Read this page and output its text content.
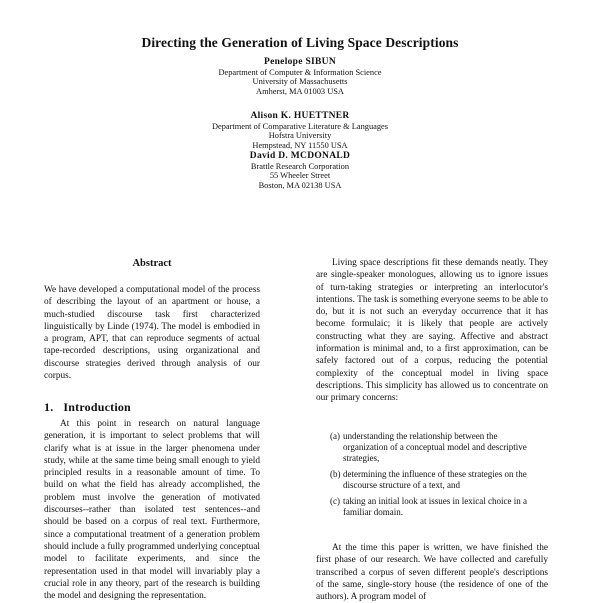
Directing the Generation of Living Space Descriptions
Penelope SIBUN
Department of Computer & Information Science
University of Massachusetts
Amherst, MA 01003 USA
Alison K. HUETTNER
Department of Comparative Literature & Languages
Hofstra University
Hempstead, NY 11550 USA
David D. MCDONALD
Brattle Research Corporation
55 Wheeler Street
Boston, MA 02138 USA
Abstract
We have developed a computational model of the process of describing the layout of an apartment or house, a much-studied discourse task first characterized linguistically by Linde (1974). The model is embodied in a program, APT, that can reproduce segments of actual tape-recorded descriptions, using organizational and discourse strategies derived through analysis of our corpus.
1. Introduction
At this point in research on natural language generation, it is important to select problems that will clarify what is at issue in the larger phenomena under study, while at the same time being small enough to yield principled results in a reasonable amount of time. To build on what the field has already accomplished, the problem must involve the generation of motivated discourses--rather than isolated test sentences--and should be based on a corpus of real text. Furthermore, since a computational treatment of a generation problem should include a fully programmed underlying conceptual model to facilitate experiments, and since the representation used in that model will invariably play a crucial role in any theory, part of the research is building the model and designing the representation.
Living space descriptions fit these demands neatly. They are single-speaker monologues, allowing us to ignore issues of turn-taking strategies or interpreting an interlocutor's intentions. The task is something everyone seems to be able to do, but it is not such an everyday occurrence that it has become formulaic; it is likely that people are actively constructing what they are saying. Affective and abstract information is minimal and, to a first approximation, can be safely factored out of a corpus, reducing the potential complexity of the conceptual model in living space descriptions. This simplicity has allowed us to concentrate on our primary concerns:
(a) understanding the relationship between the organization of a conceptual model and descriptive strategies,
(b) determining the influence of these strategies on the discourse structure of a text, and
(c) taking an initial look at issues in lexical choice in a familiar domain.
At the time this paper is written, we have finished the first phase of our research. We have collected and carefully transcribed a corpus of seven different people's descriptions of the same, single-story house (the residence of one of the authors). A program model of
